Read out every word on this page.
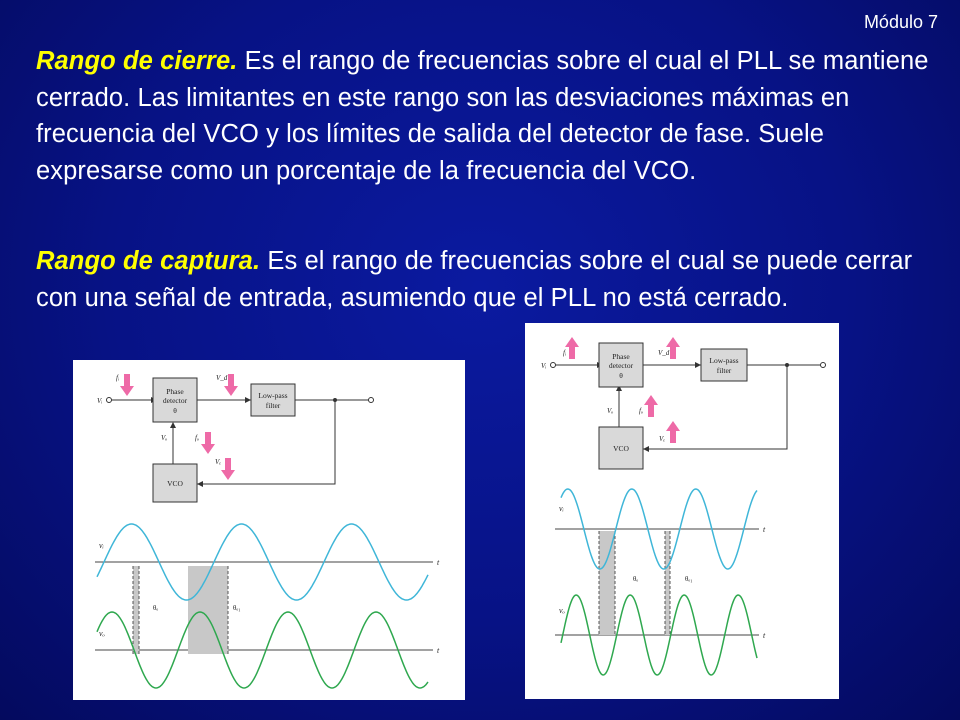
Módulo 7

Rango de cierre. Es el rango de frecuencias sobre el cual el PLL se mantiene cerrado. Las limitantes en este rango son las desviaciones máximas en frecuencia del VCO y los límites de salida del detector de fase. Suele expresarse como un porcentaje de la frecuencia del VCO.

Rango de captura. Es el rango de frecuencias sobre el cual se puede cerrar con una señal de entrada, asumiendo que el PLL no está cerrado.

Phase
detector
θ
Low-pass
filter
VCO
fᵢ
Vᵢ
V_d
Vₒ	fₒ
Vₑ
t
t
vᵢ
vₒ
θₑ	θₑ₁
Phase
detector
θ
Low-pass
filter
VCO
fᵢ
Vᵢ
V_d
Vₒ	fₒ
Vₑ
t
t
vᵢ
vₒ
θₑ	θₑ₁
